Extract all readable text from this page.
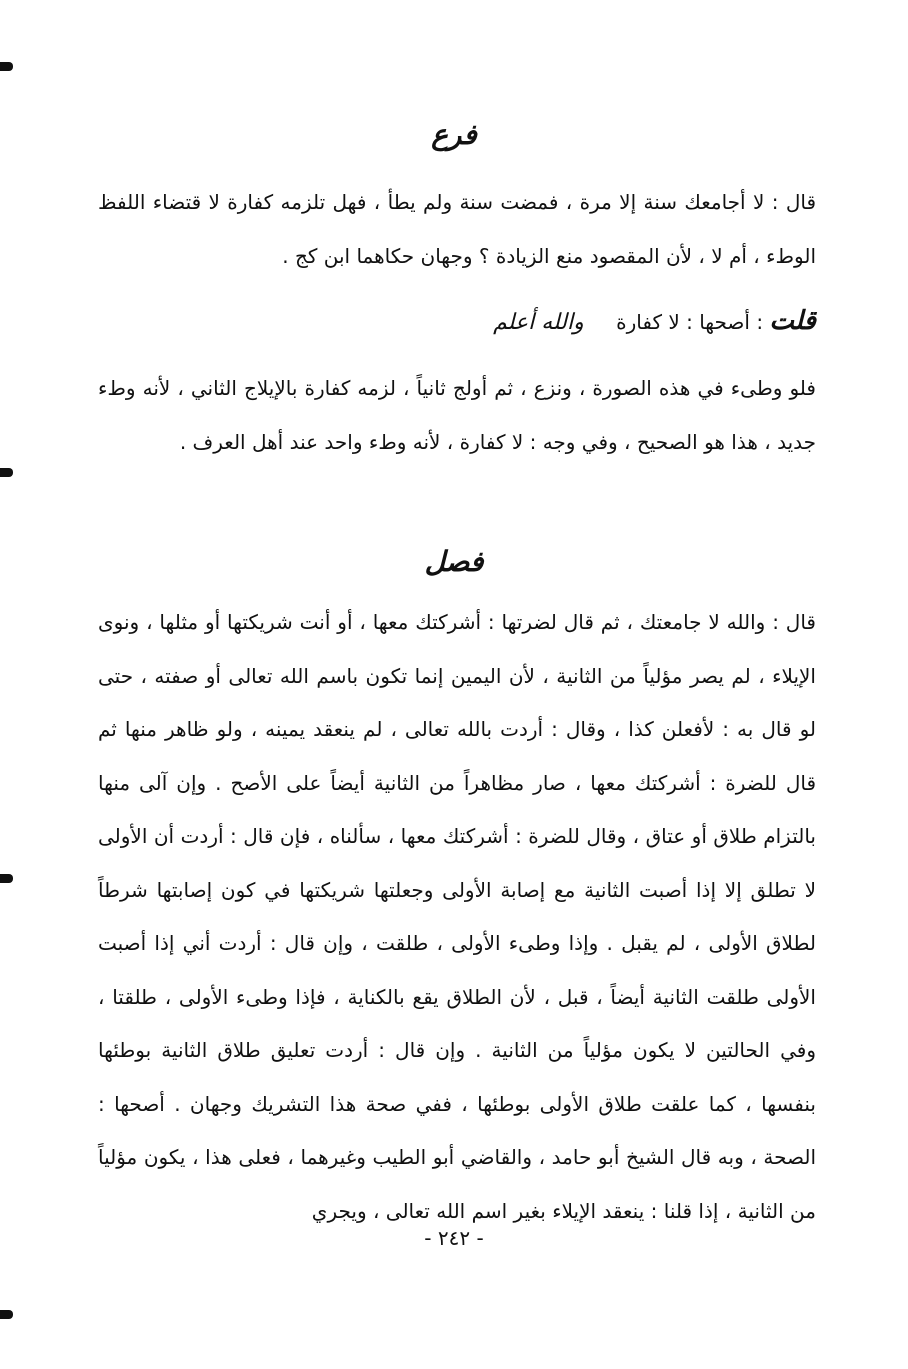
فرع
قال : لا أجامعك سنة إلا مرة ، فمضت سنة ولم يطأ ، فهل تلزمه كفارة لا قتضاء اللفظ الوطء ، أم لا ، لأن المقصود منع الزيادة ؟ وجهان حكاهما ابن كج .
قلت : أصحها : لا كفارة والله أعلم
فلو وطىء في هذه الصورة ، ونزع ، ثم أولج ثانياً ، لزمه كفارة بالإيلاج الثاني ، لأنه وطء جديد ، هذا هو الصحيح ، وفي وجه : لا كفارة ، لأنه وطء واحد عند أهل العرف .
فصل
قال : والله لا جامعتك ، ثم قال لضرتها : أشركتك معها ، أو أنت شريكتها أو مثلها ، ونوى الإيلاء ، لم يصر مؤلياً من الثانية ، لأن اليمين إنما تكون باسم الله تعالى أو صفته ، حتى لو قال به : لأفعلن كذا ، وقال : أردت بالله تعالى ، لم ينعقد يمينه ، ولو ظاهر منها ثم قال للضرة : أشركتك معها ، صار مظاهراً من الثانية أيضاً على الأصح . وإن آلى منها بالتزام طلاق أو عتاق ، وقال للضرة : أشركتك معها ، سألناه ، فإن قال : أردت أن الأولى لا تطلق إلا إذا أصبت الثانية مع إصابة الأولى وجعلتها شريكتها في كون إصابتها شرطاً لطلاق الأولى ، لم يقبل . وإذا وطىء الأولى ، طلقت ، وإن قال : أردت أني إذا أصبت الأولى طلقت الثانية أيضاً ، قبل ، لأن الطلاق يقع بالكناية ، فإذا وطىء الأولى ، طلقتا ، وفي الحالتين لا يكون مؤلياً من الثانية . وإن قال : أردت تعليق طلاق الثانية بوطئها بنفسها ، كما علقت طلاق الأولى بوطئها ، ففي صحة هذا التشريك وجهان . أصحها : الصحة ، وبه قال الشيخ أبو حامد ، والقاضي أبو الطيب وغيرهما ، فعلى هذا ، يكون مؤلياً من الثانية ، إذا قلنا : ينعقد الإيلاء بغير اسم الله تعالى ، ويجري
- ٢٤٢ -
